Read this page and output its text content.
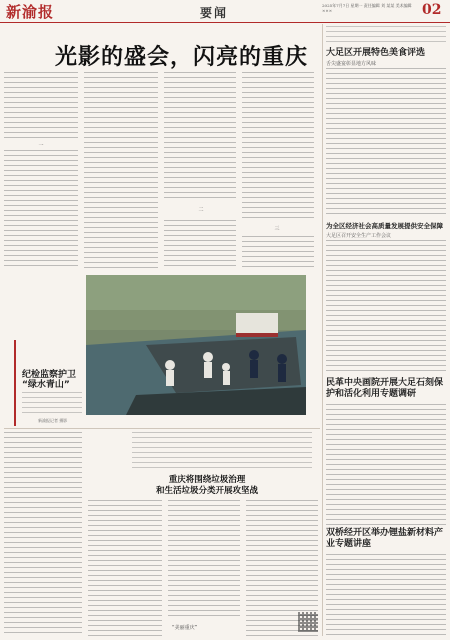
新渝报	要闻
2025年7月7日 星期一 责任编辑 刘 某某 美术编辑 ×××	02
光影的盛会，闪亮的重庆
一
二
三
大足区开展特色美食评选
舌尖盛宴彰显地方风味
为全区经济社会高质量发展提供安全保障
大足区召开安全生产工作会议
民革中央画院开展大足石刻保护和活化利用专题调研
双桥经开区举办锂盐新材料产业专题讲座
纪检监察护卫
“绿水青山”
新渝报记者 摄影
重庆将围绕垃圾治理
和生活垃圾分类开展攻坚战
“美丽重庆”
